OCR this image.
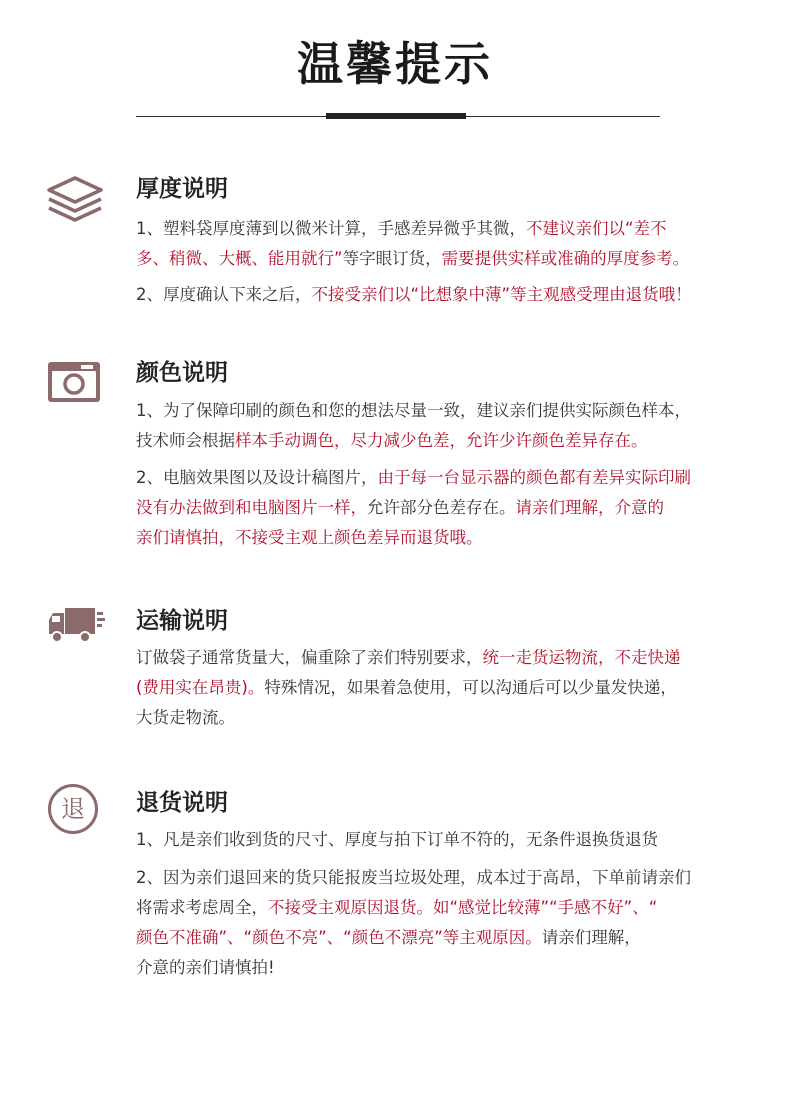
温馨提示
厚度说明
1、塑料袋厚度薄到以微米计算，手感差异微乎其微，不建议亲们以“差不
多、稍微、大概、能用就行”等字眼订货，需要提供实样或准确的厚度参考。
2、厚度确认下来之后，不接受亲们以“比想象中薄”等主观感受理由退货哦！
颜色说明
1、为了保障印刷的颜色和您的想法尽量一致，建议亲们提供实际颜色样本，
技术师会根据样本手动调色，尽力减少色差，允许少许颜色差异存在。
2、电脑效果图以及设计稿图片，由于每一台显示器的颜色都有差异实际印刷
没有办法做到和电脑图片一样，允许部分色差存在。请亲们理解，介意的
亲们请慎拍，不接受主观上颜色差异而退货哦。
运输说明
订做袋子通常货量大，偏重除了亲们特别要求，统一走货运物流，不走快递
(费用实在昂贵)。特殊情况，如果着急使用，可以沟通后可以少量发快递，
大货走物流。
退	退货说明
1、凡是亲们收到货的尺寸、厚度与拍下订单不符的，无条件退换货退货
2、因为亲们退回来的货只能报废当垃圾处理，成本过于高昂，下单前请亲们
将需求考虑周全，不接受主观原因退货。如“感觉比较薄”“手感不好”、“
颜色不准确”、“颜色不亮”、“颜色不漂亮”等主观原因。请亲们理解，
介意的亲们请慎拍!
